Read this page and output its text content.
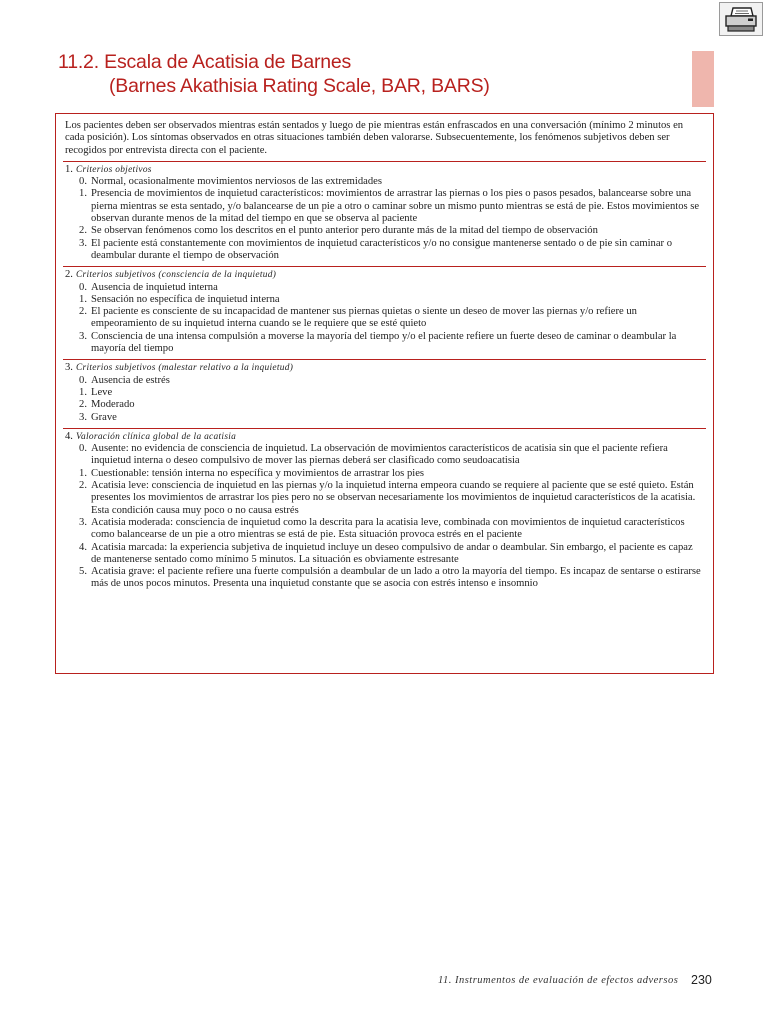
11.2. Escala de Acatisia de Barnes
(Barnes Akathisia Rating Scale, BAR, BARS)

Los pacientes deben ser observados mientras están sentados y luego de pie mientras están enfrascados en una conversación (mínimo 2 minutos en cada posición). Los síntomas observados en otras situaciones también deben valorarse. Subsecuentemente, los fenómenos subjetivos deben ser recogidos por entrevista directa con el paciente.

1. Criterios objetivos
0. Normal, ocasionalmente movimientos nerviosos de las extremidades
1. Presencia de movimientos de inquietud característicos: movimientos de arrastrar las piernas o los pies o pasos pesados, balancearse sobre una pierna mientras se esta sentado, y/o balancearse de un pie a otro o caminar sobre un mismo punto mientras se está de pie. Estos movimientos se observan durante menos de la mitad del tiempo en que se observa al paciente
2. Se observan fenómenos como los descritos en el punto anterior pero durante más de la mitad del tiempo de observación
3. El paciente está constantemente con movimientos de inquietud característicos y/o no consigue mantenerse sentado o de pie sin caminar o deambular durante el tiempo de observación
2. Criterios subjetivos (consciencia de la inquietud)
0. Ausencia de inquietud interna
1. Sensación no específica de inquietud interna
2. El paciente es consciente de su incapacidad de mantener sus piernas quietas o siente un deseo de mover las piernas y/o refiere un empeoramiento de su inquietud interna cuando se le requiere que se esté quieto
3. Consciencia de una intensa compulsión a moverse la mayoría del tiempo y/o el paciente refiere un fuerte deseo de caminar o deambular la mayoría del tiempo
3. Criterios subjetivos (malestar relativo a la inquietud)
0. Ausencia de estrés
1. Leve
2. Moderado
3. Grave
4. Valoración clínica global de la acatisia
0. Ausente: no evidencia de consciencia de inquietud. La observación de movimientos característicos de acatisia sin que el paciente refiera inquietud interna o deseo compulsivo de mover las piernas deberá ser clasificado como seudoacatisia
1. Cuestionable: tensión interna no específica y movimientos de arrastrar los pies
2. Acatisia leve: consciencia de inquietud en las piernas y/o la inquietud interna empeora cuando se requiere al paciente que se esté quieto. Están presentes los movimientos de arrastrar los pies pero no se observan necesariamente los movimientos de inquietud característicos de la acatisia. Esta condición causa muy poco o no causa estrés
3. Acatisia moderada: consciencia de inquietud como la descrita para la acatisia leve, combinada con movimientos de inquietud característicos como balancearse de un pie a otro mientras se está de pie. Esta situación provoca estrés en el paciente
4. Acatisia marcada: la experiencia subjetiva de inquietud incluye un deseo compulsivo de andar o deambular. Sin embargo, el paciente es capaz de mantenerse sentado como mínimo 5 minutos. La situación es obviamente estresante
5. Acatisia grave: el paciente refiere una fuerte compulsión a deambular de un lado a otro la mayoría del tiempo. Es incapaz de sentarse o estirarse más de unos pocos minutos. Presenta una inquietud constante que se asocia con estrés intenso e insomnio
11. Instrumentos de evaluación de efectos adversos 230
